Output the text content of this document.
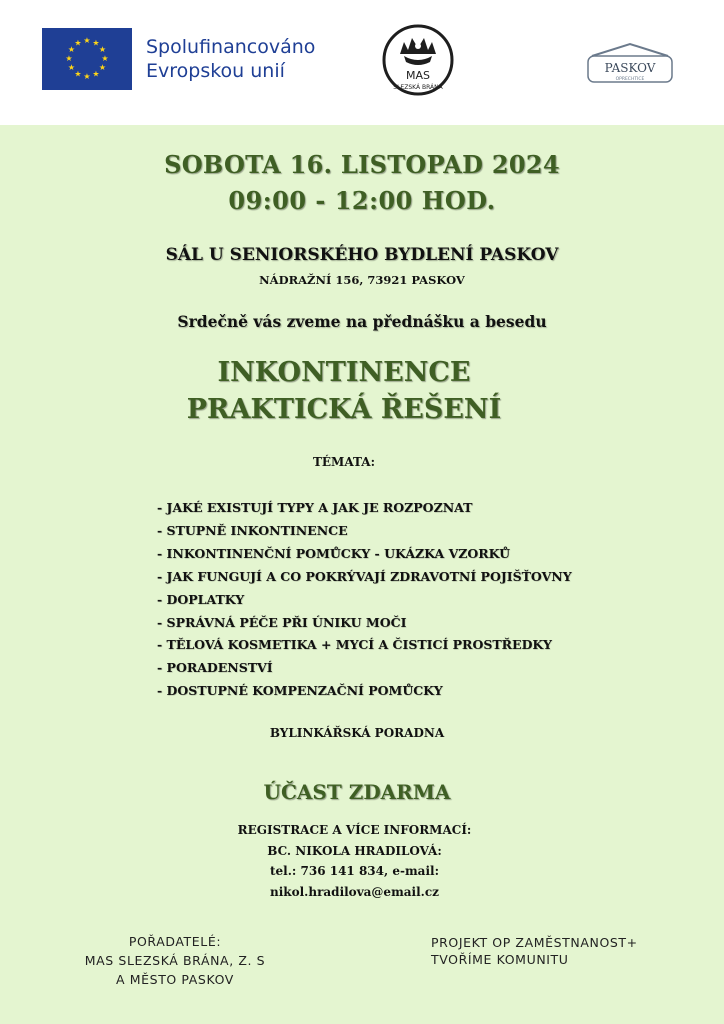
★ ★
★
★
★
★
★
★
★
★
★
★	Spolufinancováno
Evropskou unií	MAS
SLEZSKÁ BRÁNA
PASKOV
OPRECHTICE
SOBOTA 16. LISTOPAD 2024
09:00 - 12:00 HOD.
SÁL U SENIORSKÉHO BYDLENÍ PASKOV
NÁDRAŽNÍ 156, 73921 PASKOV
Srdečně vás zveme na přednášku a besedu
INKONTINENCE
PRAKTICKÁ ŘEŠENÍ
TÉMATA:
- JAKÉ EXISTUJÍ TYPY A JAK JE ROZPOZNAT
- STUPNĚ INKONTINENCE
- INKONTINENČNÍ POMŮCKY - UKÁZKA VZORKŮ
- JAK FUNGUJÍ A CO POKRÝVAJÍ ZDRAVOTNÍ POJIŠŤOVNY
- DOPLATKY
- SPRÁVNÁ PÉČE PŘI ÚNIKU MOČI
- TĚLOVÁ KOSMETIKA + MYCÍ A ČISTICÍ PROSTŘEDKY
- PORADENSTVÍ
- DOSTUPNÉ KOMPENZAČNÍ POMŮCKY
BYLINKÁŘSKÁ PORADNA
ÚČAST ZDARMA
REGISTRACE A VÍCE INFORMACÍ:
BC. NIKOLA HRADILOVÁ:
tel.: 736 141 834, e-mail:
nikol.hradilova@email.cz
POŘADATELÉ:
MAS SLEZSKÁ BRÁNA, Z. S
A MĚSTO PASKOV
PROJEKT OP ZAMĚSTNANOST+
TVOŘÍME KOMUNITU
